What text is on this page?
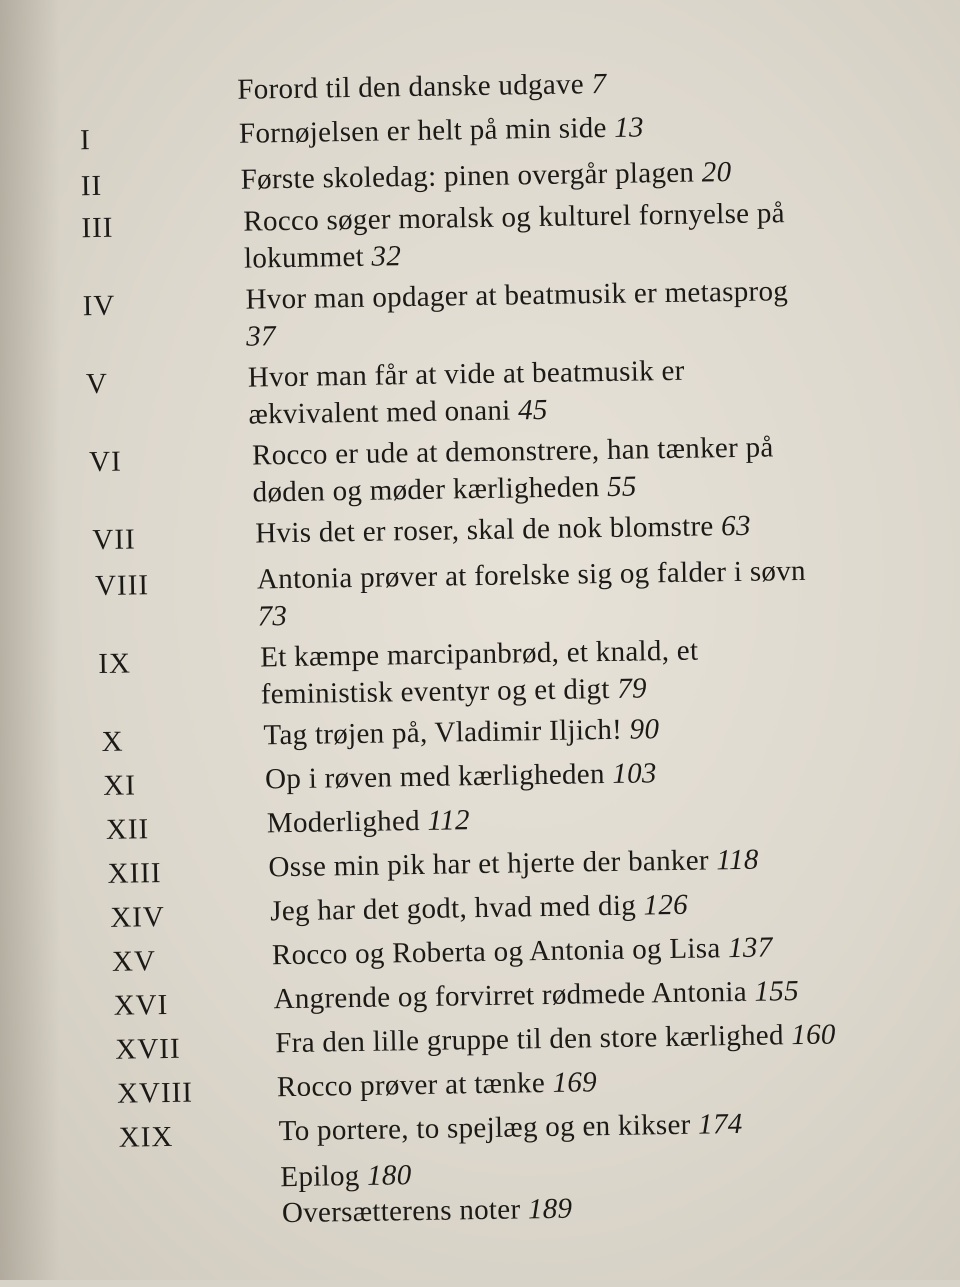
Forord til den danske udgave 7
I	Fornøjelsen er helt på min side 13
II	Første skoledag: pinen overgår plagen 20
III	Rocco søger moralsk og kulturel fornyelse på
lokummet 32
IV	Hvor man opdager at beatmusik er metasprog
37
V	Hvor man får at vide at beatmusik er
ækvivalent med onani 45
VI	Rocco er ude at demonstrere, han tænker på
døden og møder kærligheden 55
VII	Hvis det er roser, skal de nok blomstre 63
VIII	Antonia prøver at forelske sig og falder i søvn
73
IX	Et kæmpe marcipanbrød, et knald, et
feministisk eventyr og et digt 79
X	Tag trøjen på, Vladimir Iljich! 90
XI	Op i røven med kærligheden 103
XII	Moderlighed 112
XIII	Osse min pik har et hjerte der banker 118
XIV	Jeg har det godt, hvad med dig 126
XV	Rocco og Roberta og Antonia og Lisa 137
XVI	Angrende og forvirret rødmede Antonia 155
XVII	Fra den lille gruppe til den store kærlighed 160
XVIII	Rocco prøver at tænke 169
XIX	To portere, to spejlæg og en kikser 174
Epilog 180
Oversætterens noter 189
